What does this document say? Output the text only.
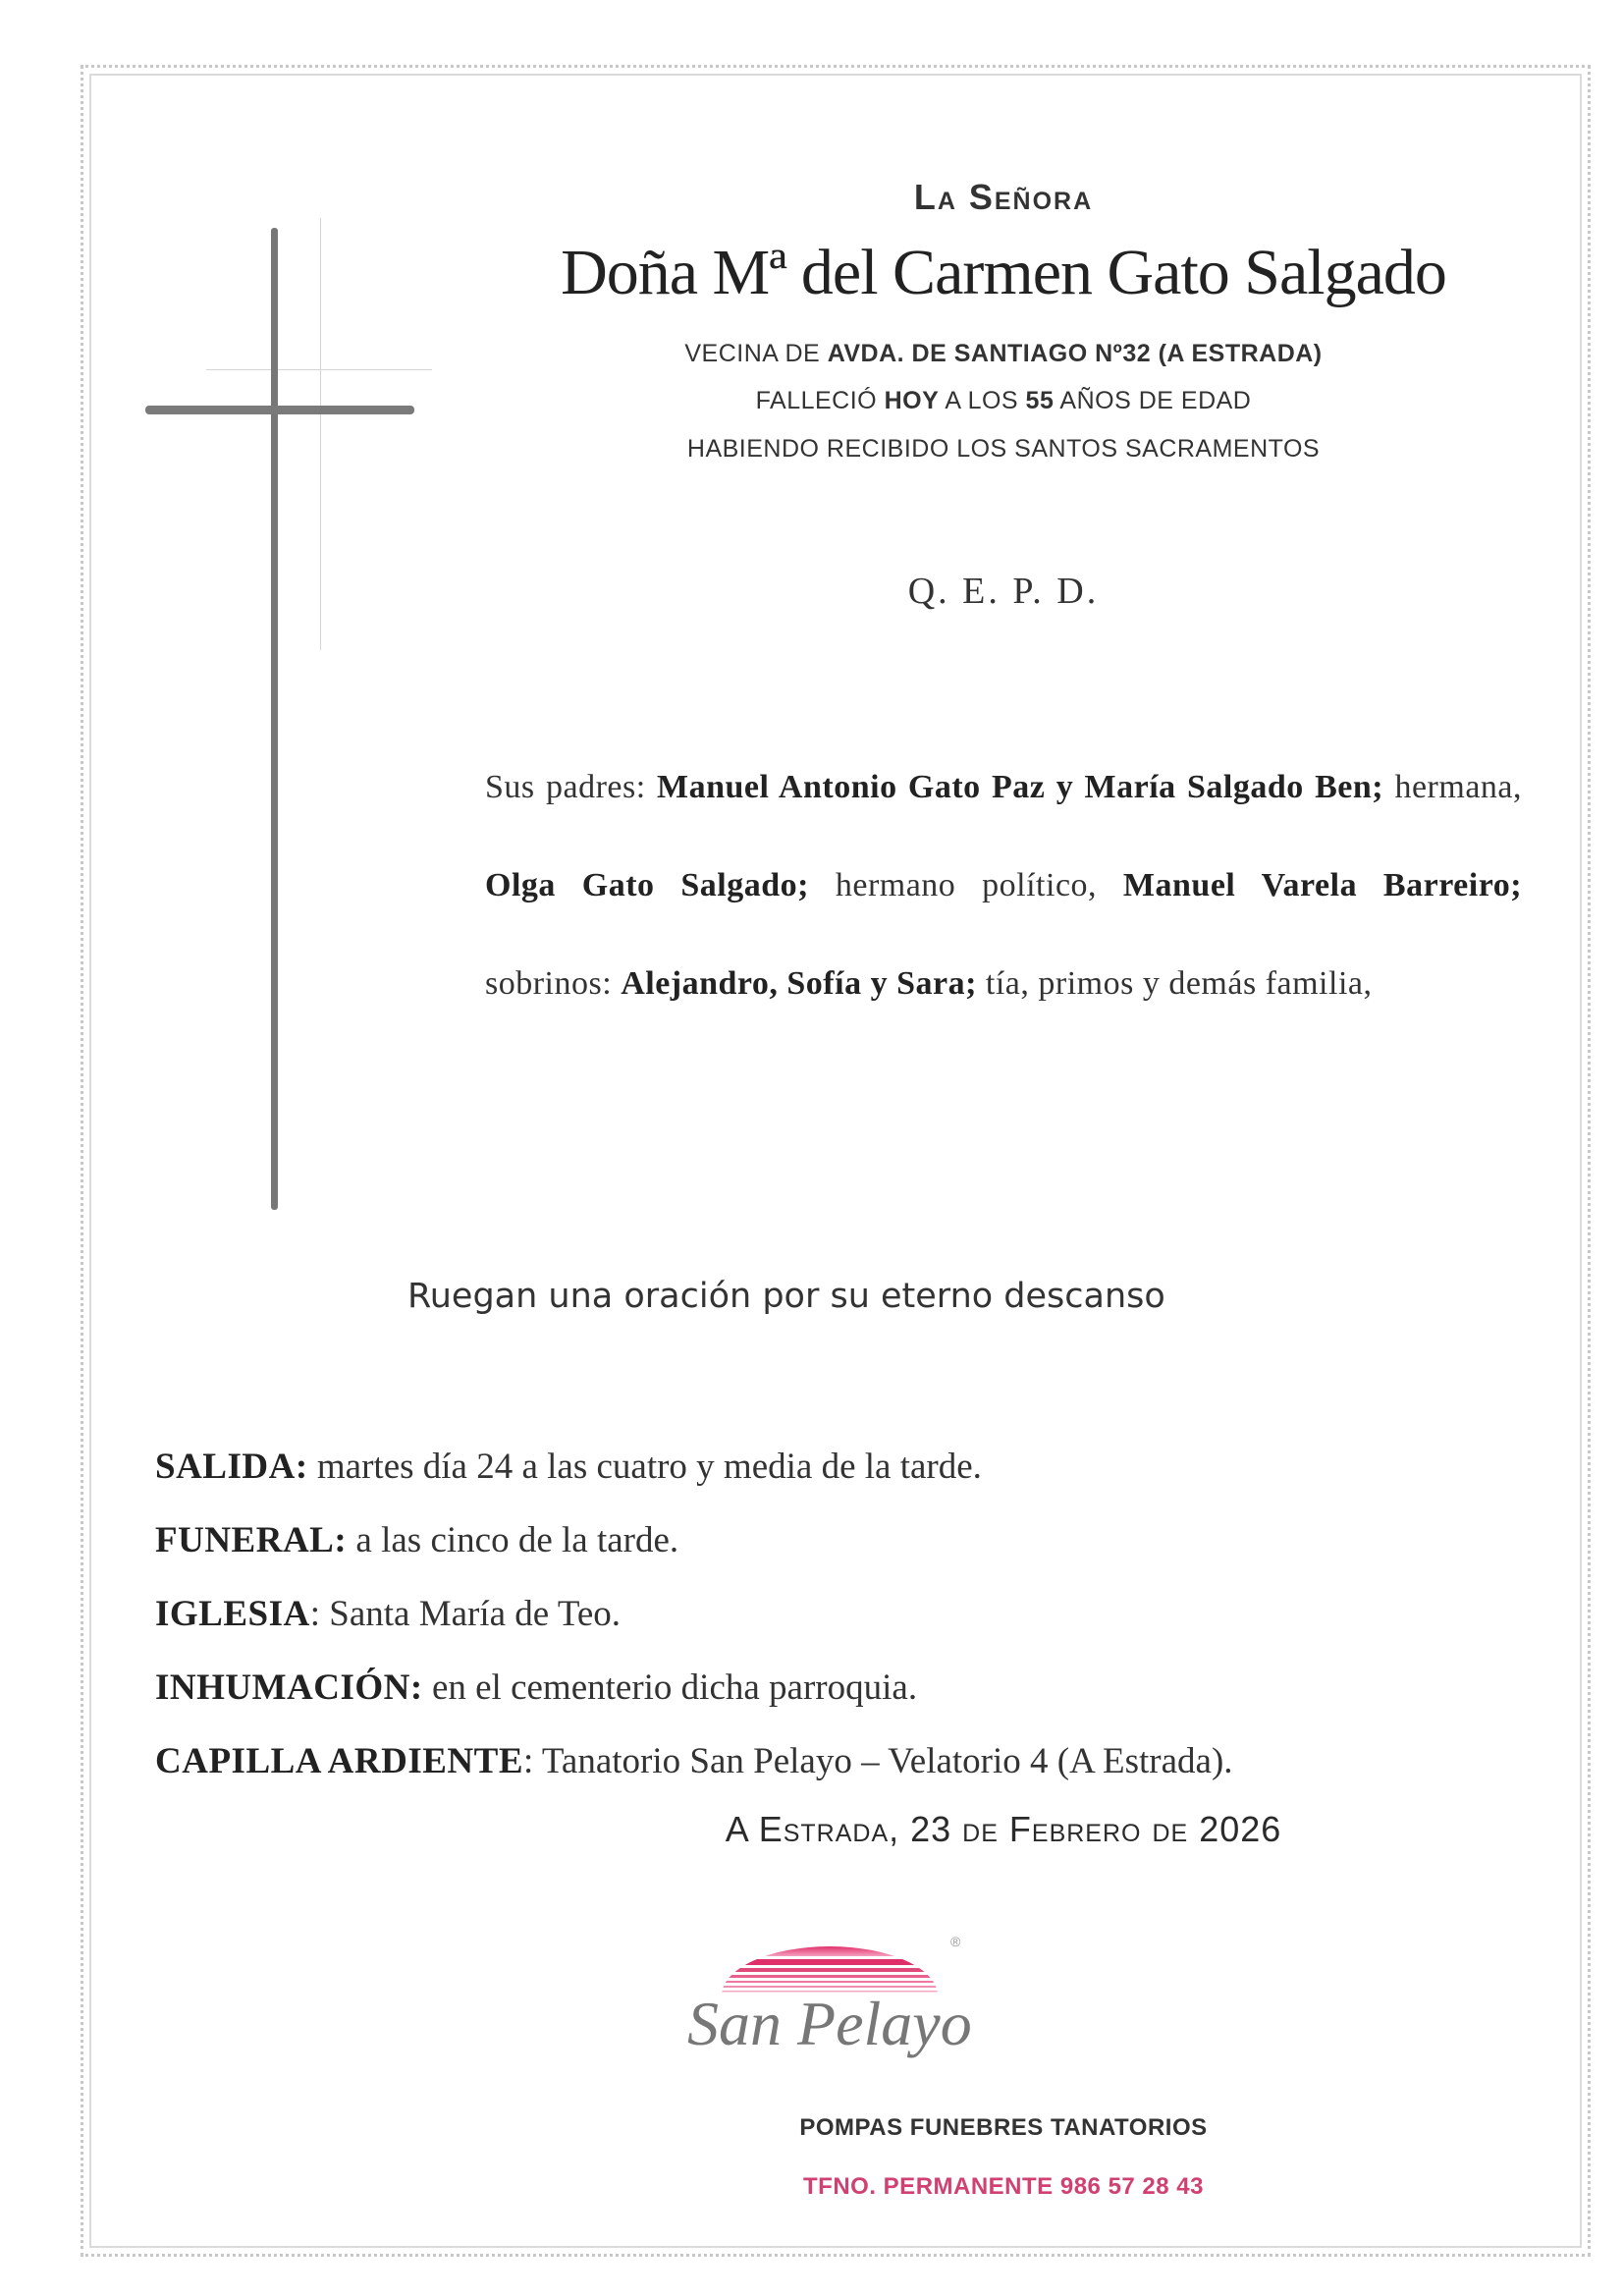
La Señora
Doña Mª del Carmen Gato Salgado
VECINA DE AVDA. DE SANTIAGO Nº32 (A ESTRADA)
FALLECIÓ HOY A LOS 55 AÑOS DE EDAD
HABIENDO RECIBIDO LOS SANTOS SACRAMENTOS
Q. E. P. D.
Sus padres: Manuel Antonio Gato Paz y María Salgado Ben; hermana, Olga Gato Salgado; hermano político, Manuel Varela Barreiro; sobrinos: Alejandro, Sofía y Sara; tía, primos y demás familia,
Ruegan una oración por su eterno descanso
SALIDA: martes día 24 a las cuatro y media de la tarde.
FUNERAL: a las cinco de la tarde.
IGLESIA: Santa María de Teo.
INHUMACIÓN: en el cementerio dicha parroquia.
CAPILLA ARDIENTE: Tanatorio San Pelayo – Velatorio 4 (A Estrada).
A Estrada, 23 de Febrero de 2026
®
San Pelayo
POMPAS FUNEBRES TANATORIOS
TFNO. PERMANENTE 986 57 28 43
